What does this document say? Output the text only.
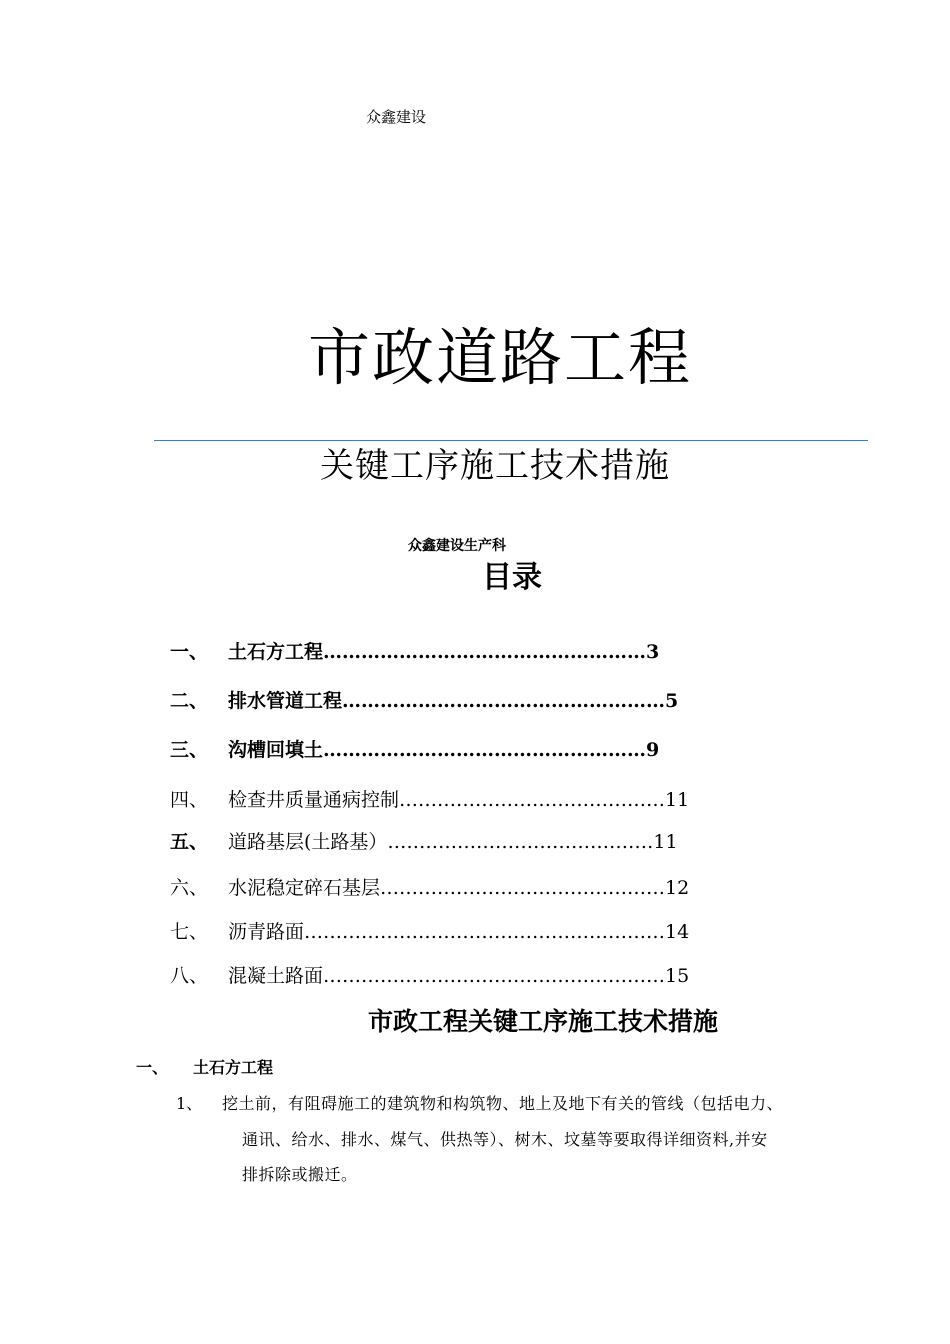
众鑫建设
市政道路工程
关键工序施工技术措施
众鑫建设生产科
目录
一、 土石方工程……………………………………………3
二、 排水管道工程……………………………………………5
三、 沟槽回填土……………………………………………9
四、 检查井质量通病控制……………………………………11
五、 道路基层(土路基）……………………………………11
六、 水泥稳定碎石基层………………………………………12
七、 沥青路面…………………………………………………14
八、 混凝土路面………………………………………………15
市政工程关键工序施工技术措施
一、 土石方工程
1、 挖土前，有阻碍施工的建筑物和构筑物、地上及地下有关的管线（包括电力、
通讯、给水、排水、煤气、供热等）、树木、坟墓等要取得详细资料,并安
排拆除或搬迁。
